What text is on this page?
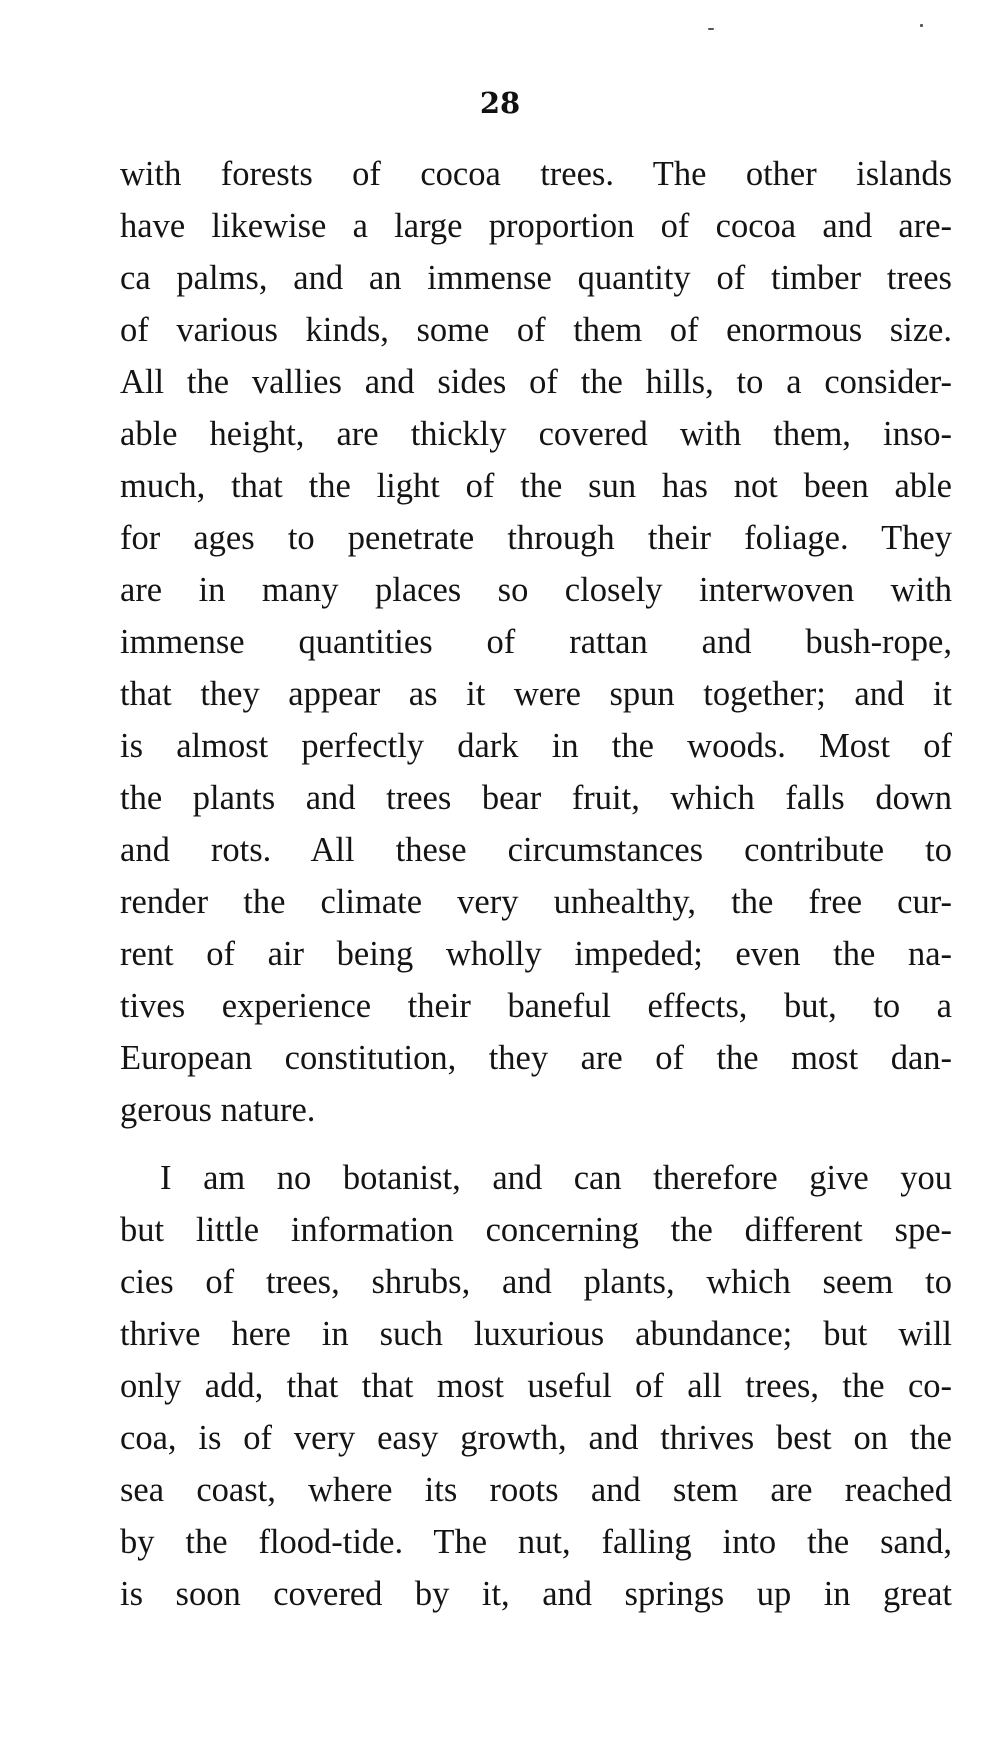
28
with forests of cocoa trees. The other islands
have likewise a large proportion of cocoa and are-
ca palms, and an immense quantity of timber trees
of various kinds, some of them of enormous size.
All the vallies and sides of the hills, to a consider-
able height, are thickly covered with them, inso-
much, that the light of the sun has not been able
for ages to penetrate through their foliage. They
are in many places so closely interwoven with
immense quantities of rattan and bush-rope,
that they appear as it were spun together; and it
is almost perfectly dark in the woods. Most of
the plants and trees bear fruit, which falls down
and rots. All these circumstances contribute to
render the climate very unhealthy, the free cur-
rent of air being wholly impeded; even the na-
tives experience their baneful effects, but, to a
European constitution, they are of the most dan-
gerous nature.
I am no botanist, and can therefore give you
but little information concerning the different spe-
cies of trees, shrubs, and plants, which seem to
thrive here in such luxurious abundance; but will
only add, that that most useful of all trees, the co-
coa, is of very easy growth, and thrives best on the
sea coast, where its roots and stem are reached
by the flood-tide. The nut, falling into the sand,
is soon covered by it, and springs up in great
